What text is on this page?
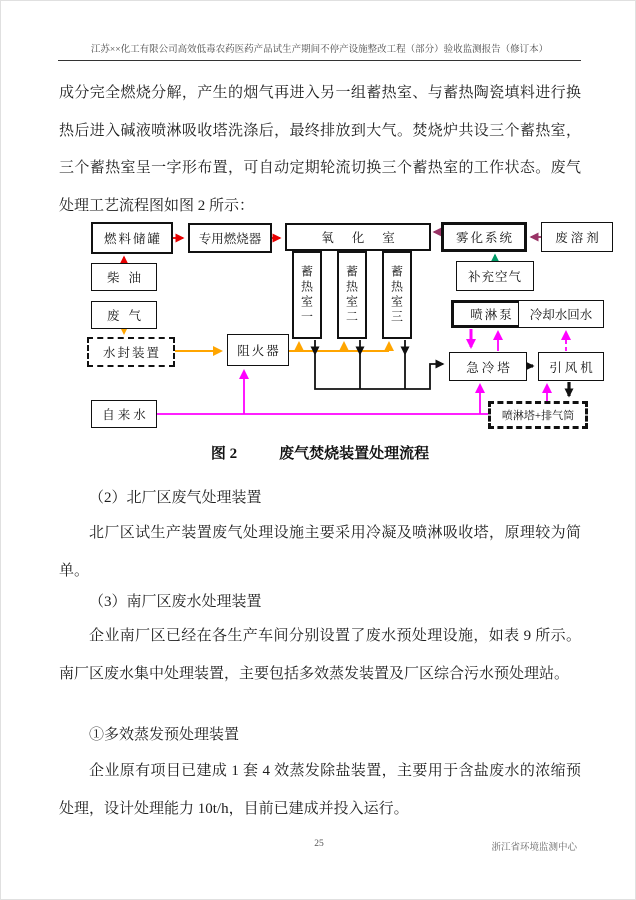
江苏××化工有限公司高效低毒农药医药产品试生产期间不停产设施整改工程（部分）验收监测报告（修订本）

成分完全燃烧分解，产生的烟气再进入另一组蓄热室、与蓄热陶瓷填料进行换热后进入碱液喷淋吸收塔洗涤后，最终排放到大气。焚烧炉共设三个蓄热室，三个蓄热室呈一字形布置，可自动定期轮流切换三个蓄热室的工作状态。废气处理工艺流程图如图 2 所示：

（2）北厂区废气处理装置

北厂区试生产装置废气处理设施主要采用冷凝及喷淋吸收塔，原理较为简单。

（3）南厂区废水处理装置

企业南厂区已经在各生产车间分别设置了废水预处理设施，如表 9 所示。南厂区废水集中处理装置，主要包括多效蒸发装置及厂区综合污水预处理站。

①多效蒸发预处理装置

企业原有项目已建成 1 套 4 效蒸发除盐装置，主要用于含盐废水的浓缩预处理，设计处理能力 10t/h，目前已建成并投入运行。

图 2	废气焚烧装置处理流程
燃料储罐	专用燃烧器	氧化室
蓄热室一	蓄热室二	蓄热室三
雾化系统	废溶剂
补充空气
柴油
废气
水封装置	阻火器
喷淋泵	冷却水回水
急冷塔	引风机
喷淋塔+排气筒
自来水
25	浙江省环境监测中心
